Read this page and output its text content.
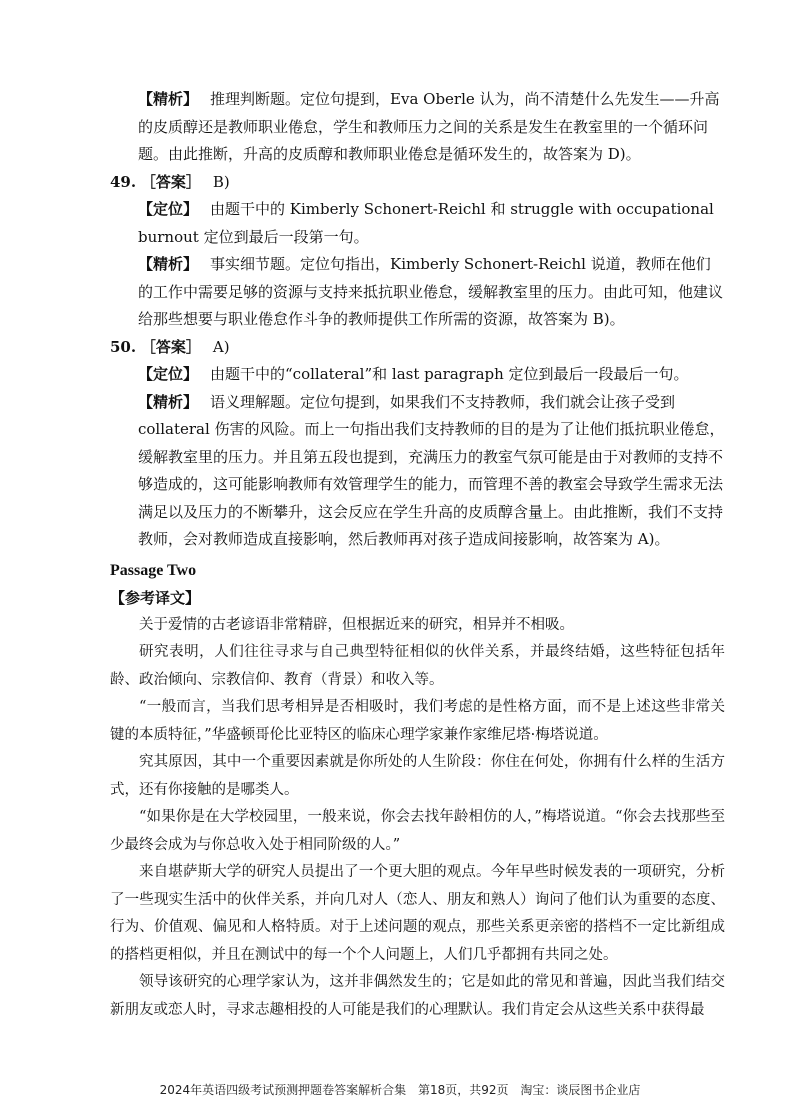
【精析】 推理判断题。定位句提到，Eva Oberle 认为，尚不清楚什么先发生——升高的皮质醇还是教师职业倦怠，学生和教师压力之间的关系是发生在教室里的一个循环问题。由此推断，升高的皮质醇和教师职业倦怠是循环发生的，故答案为 D)。

49. ［答案］ B)

【定位】 由题干中的 Kimberly Schonert-Reichl 和 struggle with occupational burnout 定位到最后一段第一句。

【精析】 事实细节题。定位句指出，Kimberly Schonert-Reichl 说道，教师在他们的工作中需要足够的资源与支持来抵抗职业倦怠，缓解教室里的压力。由此可知，他建议给那些想要与职业倦怠作斗争的教师提供工作所需的资源，故答案为 B)。

50. ［答案］ A)

【定位】 由题干中的“collateral”和 last paragraph 定位到最后一段最后一句。

【精析】 语义理解题。定位句提到，如果我们不支持教师，我们就会让孩子受到 collateral 伤害的风险。而上一句指出我们支持教师的目的是为了让他们抵抗职业倦怠，缓解教室里的压力。并且第五段也提到，充满压力的教室气氛可能是由于对教师的支持不够造成的，这可能影响教师有效管理学生的能力，而管理不善的教室会导致学生需求无法满足以及压力的不断攀升，这会反应在学生升高的皮质醇含量上。由此推断，我们不支持教师，会对教师造成直接影响，然后教师再对孩子造成间接影响，故答案为 A)。

Passage Two
【参考译文】

关于爱情的古老谚语非常精辟，但根据近来的研究，相异并不相吸。

研究表明，人们往往寻求与自己典型特征相似的伙伴关系，并最终结婚，这些特征包括年龄、政治倾向、宗教信仰、教育（背景）和收入等。

“一般而言，当我们思考相异是否相吸时，我们考虑的是性格方面，而不是上述这些非常关键的本质特征，”华盛顿哥伦比亚特区的临床心理学家兼作家维尼塔·梅塔说道。

究其原因，其中一个重要因素就是你所处的人生阶段：你住在何处，你拥有什么样的生活方式，还有你接触的是哪类人。

“如果你是在大学校园里，一般来说，你会去找年龄相仿的人，”梅塔说道。“你会去找那些至少最终会成为与你总收入处于相同阶级的人。”

来自堪萨斯大学的研究人员提出了一个更大胆的观点。今年早些时候发表的一项研究，分析了一些现实生活中的伙伴关系，并向几对人（恋人、朋友和熟人）询问了他们认为重要的态度、行为、价值观、偏见和人格特质。对于上述问题的观点，那些关系更亲密的搭档不一定比新组成的搭档更相似，并且在测试中的每一个个人问题上，人们几乎都拥有共同之处。

领导该研究的心理学家认为，这并非偶然发生的；它是如此的常见和普遍，因此当我们结交新朋友或恋人时，寻求志趣相投的人可能是我们的心理默认。我们肯定会从这些关系中获得最

2024年英语四级考试预测押题卷答案解析合集 第18页，共92页 淘宝：谈辰图书企业店
